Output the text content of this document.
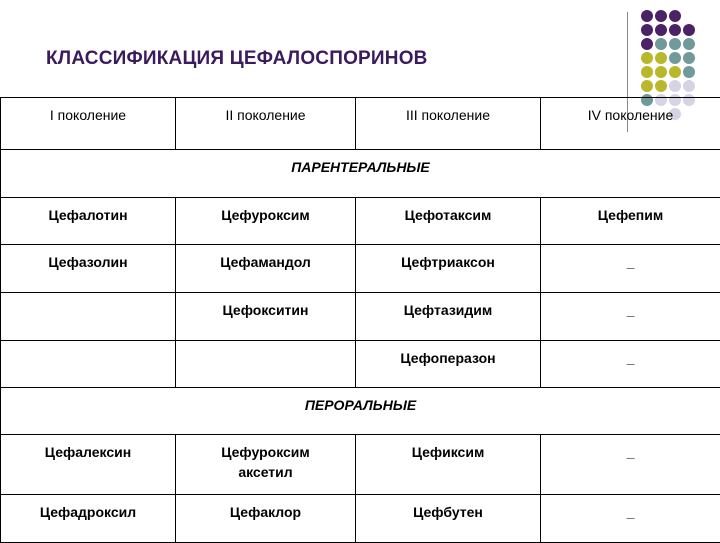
КЛАССИФИКАЦИЯ ЦЕФАЛОСПОРИНОВ
I поколение	II поколение	III поколение	IV поколение
ПАРЕНТЕРАЛЬНЫЕ			
Цефалотин	Цефуроксим	Цефотаксим	Цефепим
Цефазолин	Цефамандол	Цефтриаксон	_
	Цефокситин	Цефтазидим	_
		Цефоперазон	_
ПЕРОРАЛЬНЫЕ			
Цефалексин	Цефуроксим аксетил	Цефиксим	_
Цефадроксил	Цефаклор	Цефбутен	_
